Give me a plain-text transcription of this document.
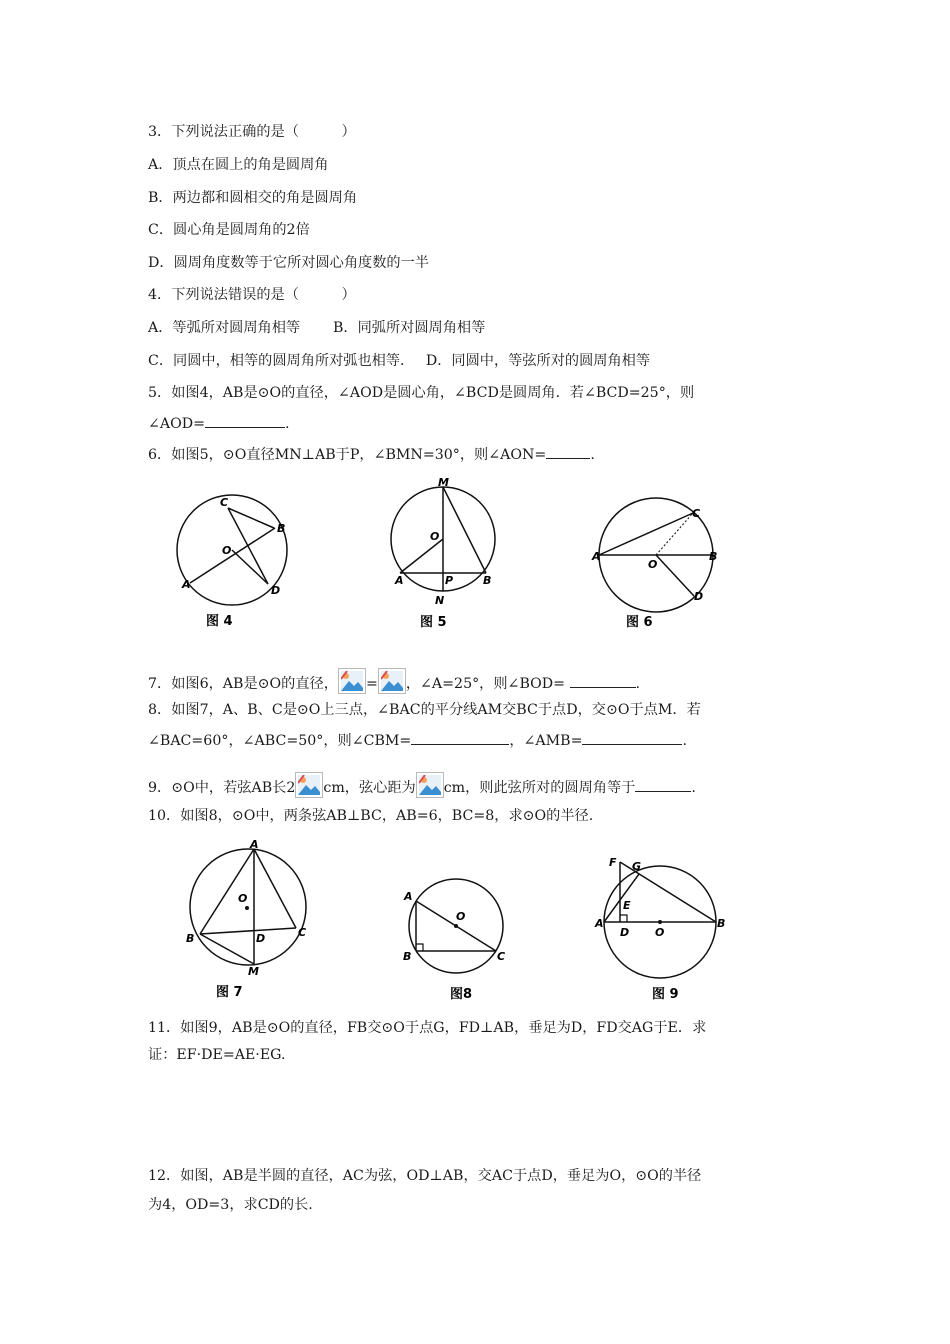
3．下列说法正确的是（　　　）
A．顶点在圆上的角是圆周角
B．两边都和圆相交的角是圆周角
C．圆心角是圆周角的2倍
D．圆周角度数等于它所对圆心角度数的一半
4．下列说法错误的是（　　　）
A．等弧所对圆周角相等　　 B．同弧所对圆周角相等
C．同圆中，相等的圆周角所对弧也相等．　 D．同圆中，等弦所对的圆周角相等
5．如图4，AB是⊙O的直径，∠AOD是圆心角，∠BCD是圆周角．若∠BCD=25°，则
∠AOD=	.
6．如图5，⊙O直径MN⊥AB于P，∠BMN=30°，则∠AON=	.
C
B
O
A	D
图 4
M
O
A	P	B
N
图 5
C
A
O
B
D
图 6
7．如图6，AB是⊙O的直径， = ，∠A=25°，则∠BOD=	.
8．如图7，A、B、C是⊙O上三点，∠BAC的平分线AM交BC于点D，交⊙O于点M．若
∠BAC=60°，∠ABC=50°，则∠CBM=	，∠AMB=	.
9．⊙O中，若弦AB长2 cm，弦心距为 cm，则此弦所对的圆周角等于	.
10．如图8，⊙O中，两条弦AB⊥BC，AB=6，BC=8，求⊙O的半径.
A
O
B	D	C
M
图 7
A
O
B	C
图8
F G
E
A
D O
B
图 9
11．如图9，AB是⊙O的直径，FB交⊙O于点G，FD⊥AB，垂足为D，FD交AG于E．求
证：EF·DE=AE·EG.
12．如图，AB是半圆的直径，AC为弦，OD⊥AB，交AC于点D，垂足为O，⊙O的半径
为4，OD=3，求CD的长.
